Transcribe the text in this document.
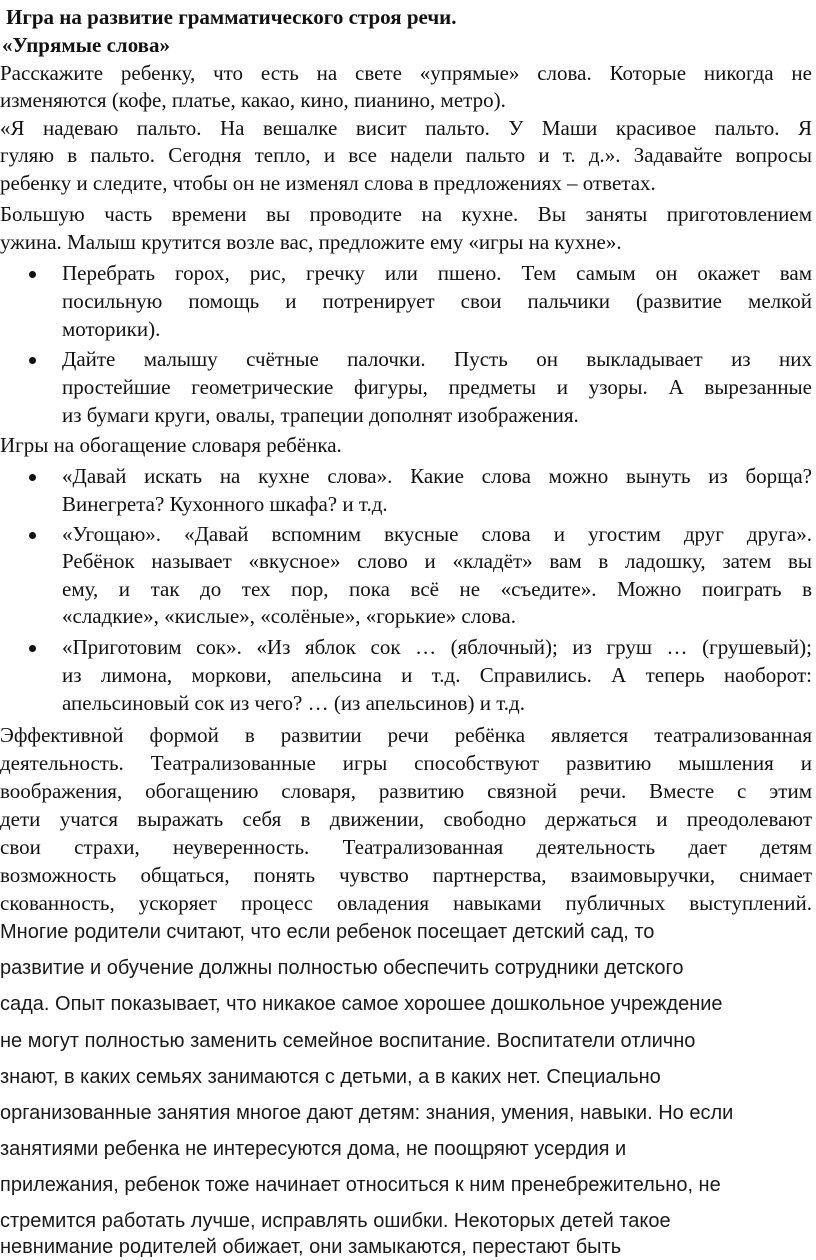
Игра на развитие грамматического строя речи.
«Упрямые слова»
Расскажите ребенку, что есть на свете «упрямые» слова. Которые никогда не
изменяются (кофе, платье, какао, кино, пианино, метро).
«Я надеваю пальто. На вешалке висит пальто. У Маши красивое пальто. Я
гуляю в пальто. Сегодня тепло, и все надели пальто и т. д.». Задавайте вопросы
ребенку и следите, чтобы он не изменял слова в предложениях – ответах.
Большую часть времени вы проводите на кухне. Вы заняты приготовлением
ужина. Малыш крутится возле вас, предложите ему «игры на кухне».
Перебрать горох, рис, гречку или пшено. Тем самым он окажет вам
посильную помощь и потренирует свои пальчики (развитие мелкой
моторики).
Дайте малышу счётные палочки. Пусть он выкладывает из них
простейшие геометрические фигуры, предметы и узоры. А вырезанные
из бумаги круги, овалы, трапеции дополнят изображения.
Игры на обогащение словаря ребёнка.
«Давай искать на кухне слова». Какие слова можно вынуть из борща?
Винегрета? Кухонного шкафа? и т.д.
«Угощаю». «Давай вспомним вкусные слова и угостим друг друга».
Ребёнок называет «вкусное» слово и «кладёт» вам в ладошку, затем вы
ему, и так до тех пор, пока всё не «съедите». Можно поиграть в
«сладкие», «кислые», «солёные», «горькие» слова.
«Приготовим сок». «Из яблок сок … (яблочный); из груш … (грушевый);
из лимона, моркови, апельсина и т.д. Справились. А теперь наоборот:
апельсиновый сок из чего? … (из апельсинов) и т.д.
Эффективной формой в развитии речи ребёнка является театрализованная
деятельность. Театрализованные игры способствуют развитию мышления и
воображения, обогащению словаря, развитию связной речи. Вместе с этим
дети учатся выражать себя в движении, свободно держаться и преодолевают
свои страхи, неуверенность. Театрализованная деятельность дает детям
возможность общаться, понять чувство партнерства, взаимовыручки, снимает
скованность, ускоряет процесс овладения навыками публичных выступлений.
Многие родители считают, что если ребенок посещает детский сад, то
развитие и обучение должны полностью обеспечить сотрудники детского
сада. Опыт показывает, что никакое самое хорошее дошкольное учреждение
не могут полностью заменить семейное воспитание. Воспитатели отлично
знают, в каких семьях занимаются с детьми, а в каких нет. Специально
организованные занятия многое дают детям: знания, умения, навыки. Но если
занятиями ребенка не интересуются дома, не поощряют усердия и
прилежания, ребенок тоже начинает относиться к ним пренебрежительно, не
стремится работать лучше, исправлять ошибки. Некоторых детей такое
невнимание родителей обижает, они замыкаются, перестают быть
